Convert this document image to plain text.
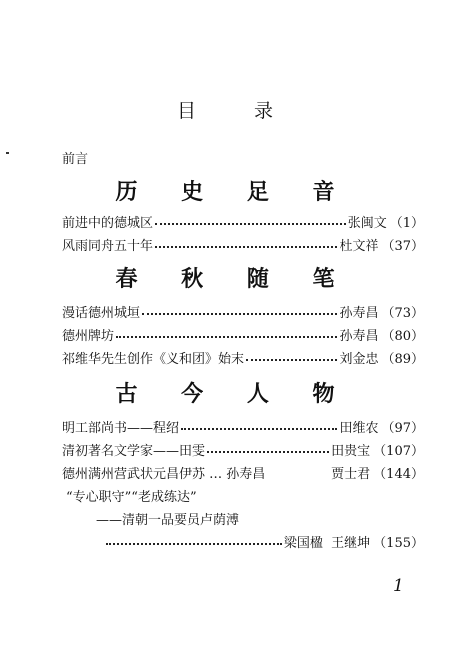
目 录
前言
历 史 足 音
前进中的德城区	张闽文 （1）
风雨同舟五十年	杜文祥 （37）
春 秋 随 笔
漫话德州城垣	孙寿昌 （73）
德州牌坊	孙寿昌 （80）
祁维华先生创作《义和团》始末	刘金忠 （89）
古 今 人 物
明工部尚书——程绍	田维农 （97）
清初著名文学家——田雯	田贵宝 （107）
德州满州营武状元昌伊苏 … 孙寿昌	贾士君 （144）
“专心职守”“老成练达”
——清朝一品要员卢荫溥
梁国楹  王继坤 （155）
1
